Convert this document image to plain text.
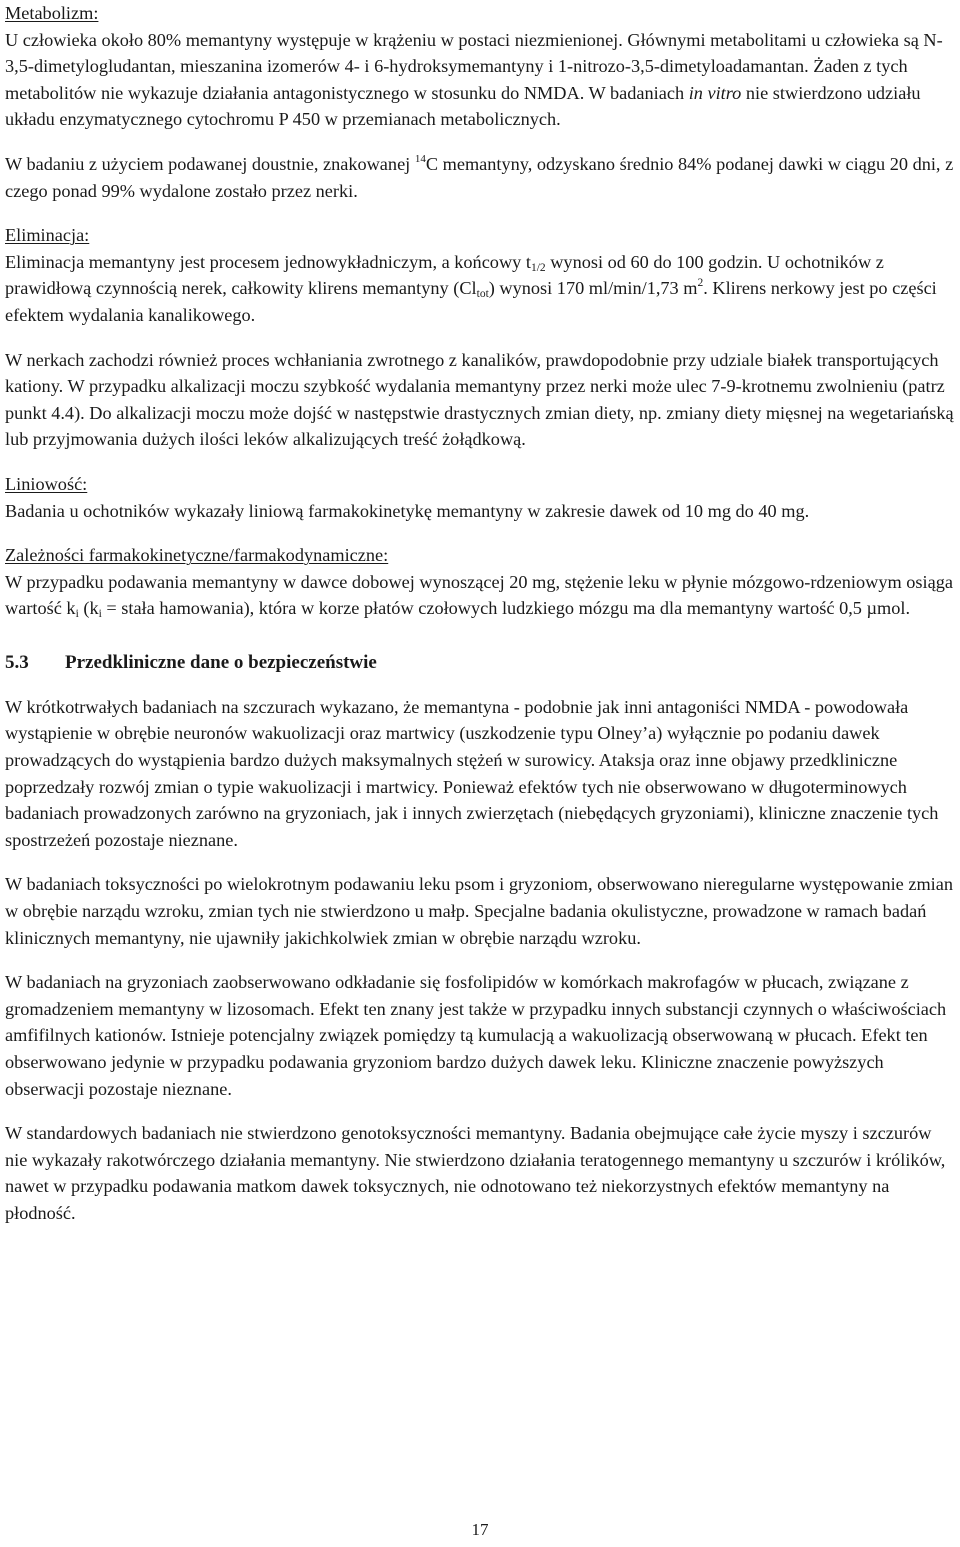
Metabolizm:

U człowieka około 80% memantyny występuje w krążeniu w postaci niezmienionej. Głównymi metabolitami u człowieka są N-3,5-dimetylogludantan, mieszanina izomerów 4- i 6-hydroksymemantyny i 1-nitrozo-3,5-dimetyloadamantan. Żaden z tych metabolitów nie wykazuje działania antagonistycznego w stosunku do NMDA. W badaniach in vitro nie stwierdzono udziału układu enzymatycznego cytochromu P 450 w przemianach metabolicznych.

W badaniu z użyciem podawanej doustnie, znakowanej $^{14}$C memantyny, odzyskano średnio 84% podanej dawki w ciągu 20 dni, z czego ponad 99% wydalone zostało przez nerki.

Eliminacja:

Eliminacja memantyny jest procesem jednowykładniczym, a końcowy $t_{1/2}$ wynosi od 60 do 100 godzin. U ochotników z prawidłową czynnością nerek, całkowity klirens memantyny $(Cl_{tot})$ wynosi 170 ml/min/1,73 $m^2$. Klirens nerkowy jest po części efektem wydalania kanalikowego.

W nerkach zachodzi również proces wchłaniania zwrotnego z kanalików, prawdopodobnie przy udziale białek transportujących kationy. W przypadku alkalizacji moczu szybkość wydalania memantyny przez nerki może ulec 7-9-krotnemu zwolnieniu (patrz punkt 4.4). Do alkalizacji moczu może dojść w następstwie drastycznych zmian diety, np. zmiany diety mięsnej na wegetariańską lub przyjmowania dużych ilości leków alkalizujących treść żołądkową.

Liniowość:

Badania u ochotników wykazały liniową farmakokinetykę memantyny w zakresie dawek od 10 mg do 40 mg.

Zależności farmakokinetyczne/farmakodynamiczne:

W przypadku podawania memantyny w dawce dobowej wynoszącej 20 mg, stężenie leku w płynie mózgowo-rdzeniowym osiąga wartość $k_i$ ($k_i$ = stała hamowania), która w korze płatów czołowych ludzkiego mózgu ma dla memantyny wartość 0,5 µmol.

5.3 Przedkliniczne dane o bezpieczeństwie

W krótkotrwałych badaniach na szczurach wykazano, że memantyna - podobnie jak inni antagoniści NMDA - powodowała wystąpienie w obrębie neuronów wakuolizacji oraz martwicy (uszkodzenie typu Olney’a) wyłącznie po podaniu dawek prowadzących do wystąpienia bardzo dużych maksymalnych stężeń w surowicy. Ataksja oraz inne objawy przedkliniczne poprzedzały rozwój zmian o typie wakuolizacji i martwicy. Ponieważ efektów tych nie obserwowano w długoterminowych badaniach prowadzonych zarówno na gryzoniach, jak i innych zwierzętach (niebędących gryzoniami), kliniczne znaczenie tych spostrzeżeń pozostaje nieznane.

W badaniach toksyczności po wielokrotnym podawaniu leku psom i gryzoniom, obserwowano nieregularne występowanie zmian w obrębie narządu wzroku, zmian tych nie stwierdzono u małp. Specjalne badania okulistyczne, prowadzone w ramach badań klinicznych memantyny, nie ujawniły jakichkolwiek zmian w obrębie narządu wzroku.

W badaniach na gryzoniach zaobserwowano odkładanie się fosfolipidów w komórkach makrofagów w płucach, związane z gromadzeniem memantyny w lizosomach. Efekt ten znany jest także w przypadku innych substancji czynnych o właściwościach amfifilnych kationów. Istnieje potencjalny związek pomiędzy tą kumulacją a wakuolizacją obserwowaną w płucach. Efekt ten obserwowano jedynie w przypadku podawania gryzoniom bardzo dużych dawek leku. Kliniczne znaczenie powyższych obserwacji pozostaje nieznane.

W standardowych badaniach nie stwierdzono genotoksyczności memantyny. Badania obejmujące całe życie myszy i szczurów nie wykazały rakotwórczego działania memantyny. Nie stwierdzono działania teratogennego memantyny u szczurów i królików, nawet w przypadku podawania matkom dawek toksycznych, nie odnotowano też niekorzystnych efektów memantyny na płodność.

17
